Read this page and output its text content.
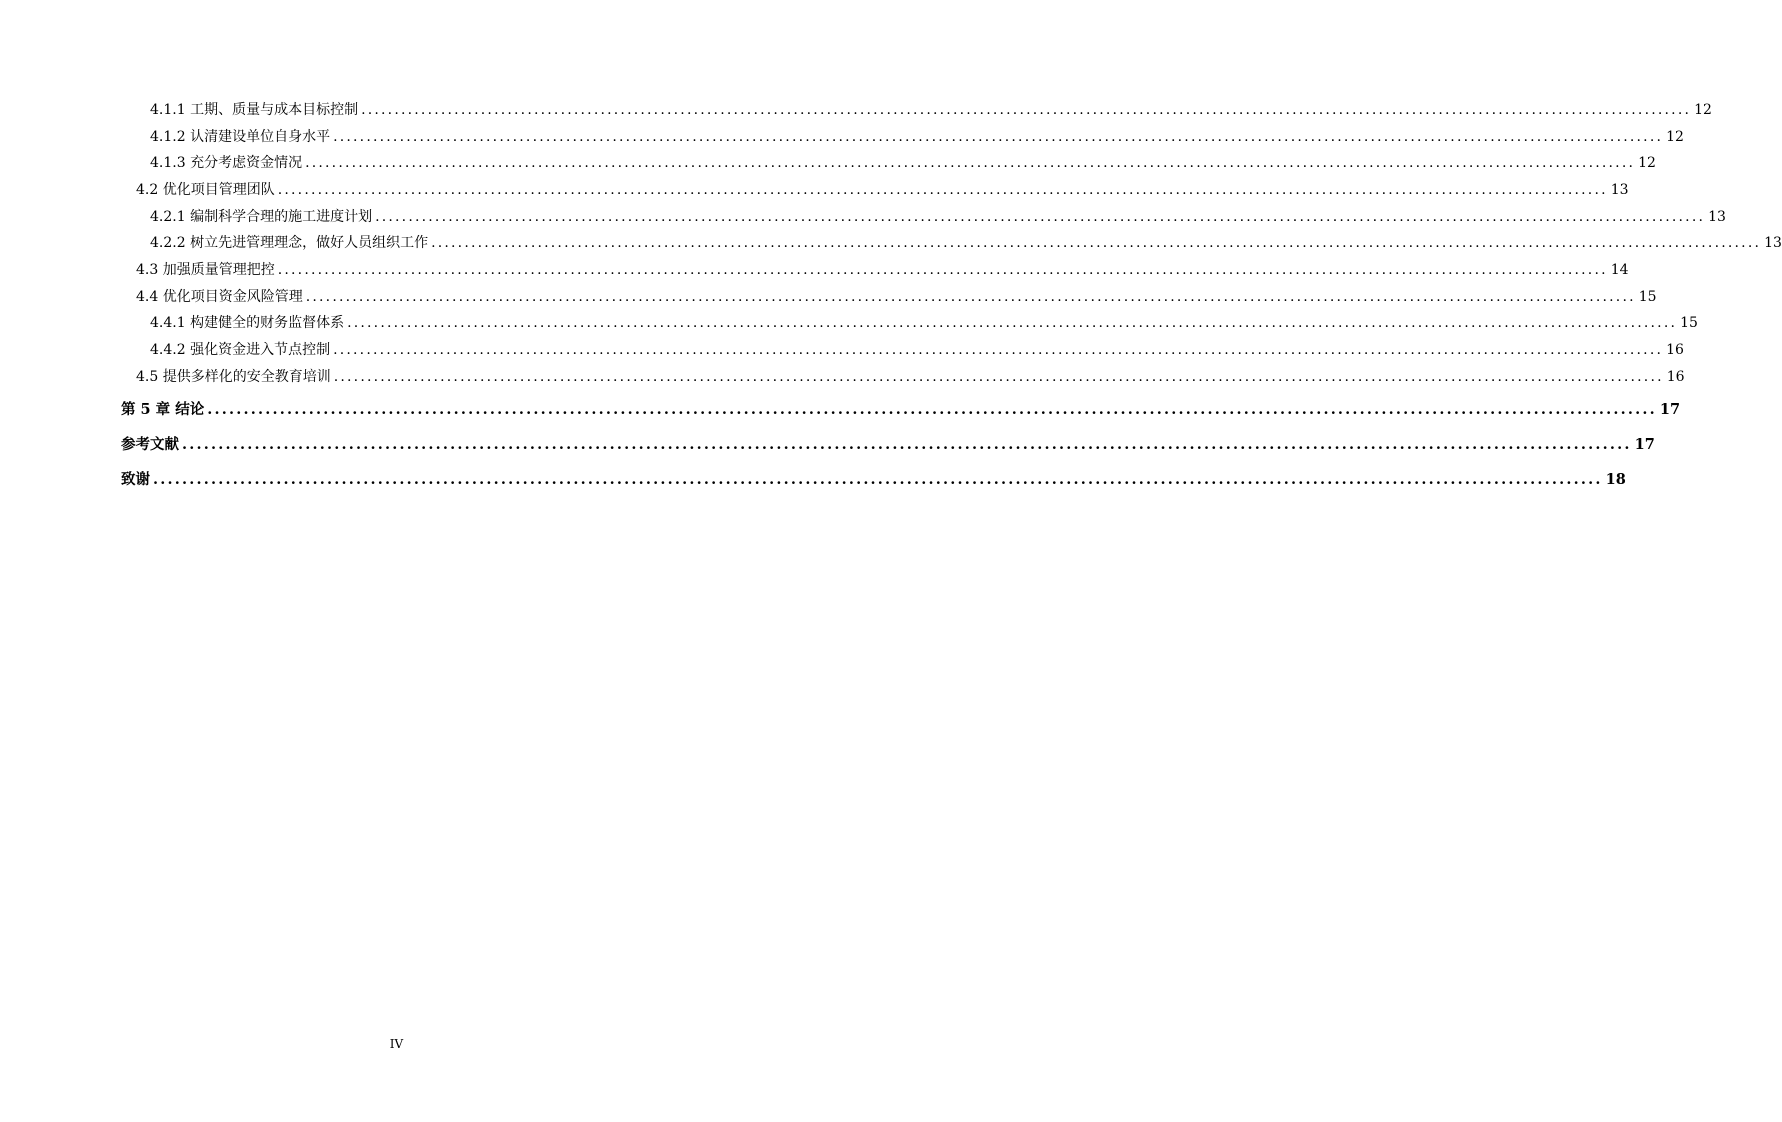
4.1.1 工期、质量与成本目标控制 ........................................................................................................................................................................................................ 12
4.1.2 认清建设单位自身水平 ........................................................................................................................................................................................................ 12
4.1.3 充分考虑资金情况 ........................................................................................................................................................................................................ 12
4.2 优化项目管理团队 ........................................................................................................................................................................................................ 13
4.2.1 编制科学合理的施工进度计划 ........................................................................................................................................................................................................ 13
4.2.2 树立先进管理理念，做好人员组织工作 ........................................................................................................................................................................................................ 13
4.3 加强质量管理把控 ........................................................................................................................................................................................................ 14
4.4 优化项目资金风险管理 ........................................................................................................................................................................................................ 15
4.4.1 构建健全的财务监督体系 ........................................................................................................................................................................................................ 15
4.4.2 强化资金进入节点控制 ........................................................................................................................................................................................................ 16
4.5 提供多样化的安全教育培训 ........................................................................................................................................................................................................ 16
第 5 章 结论 ........................................................................................................................................................................................................ 17
参考文献 ........................................................................................................................................................................................................ 17
致谢 ........................................................................................................................................................................................................ 18
IV
